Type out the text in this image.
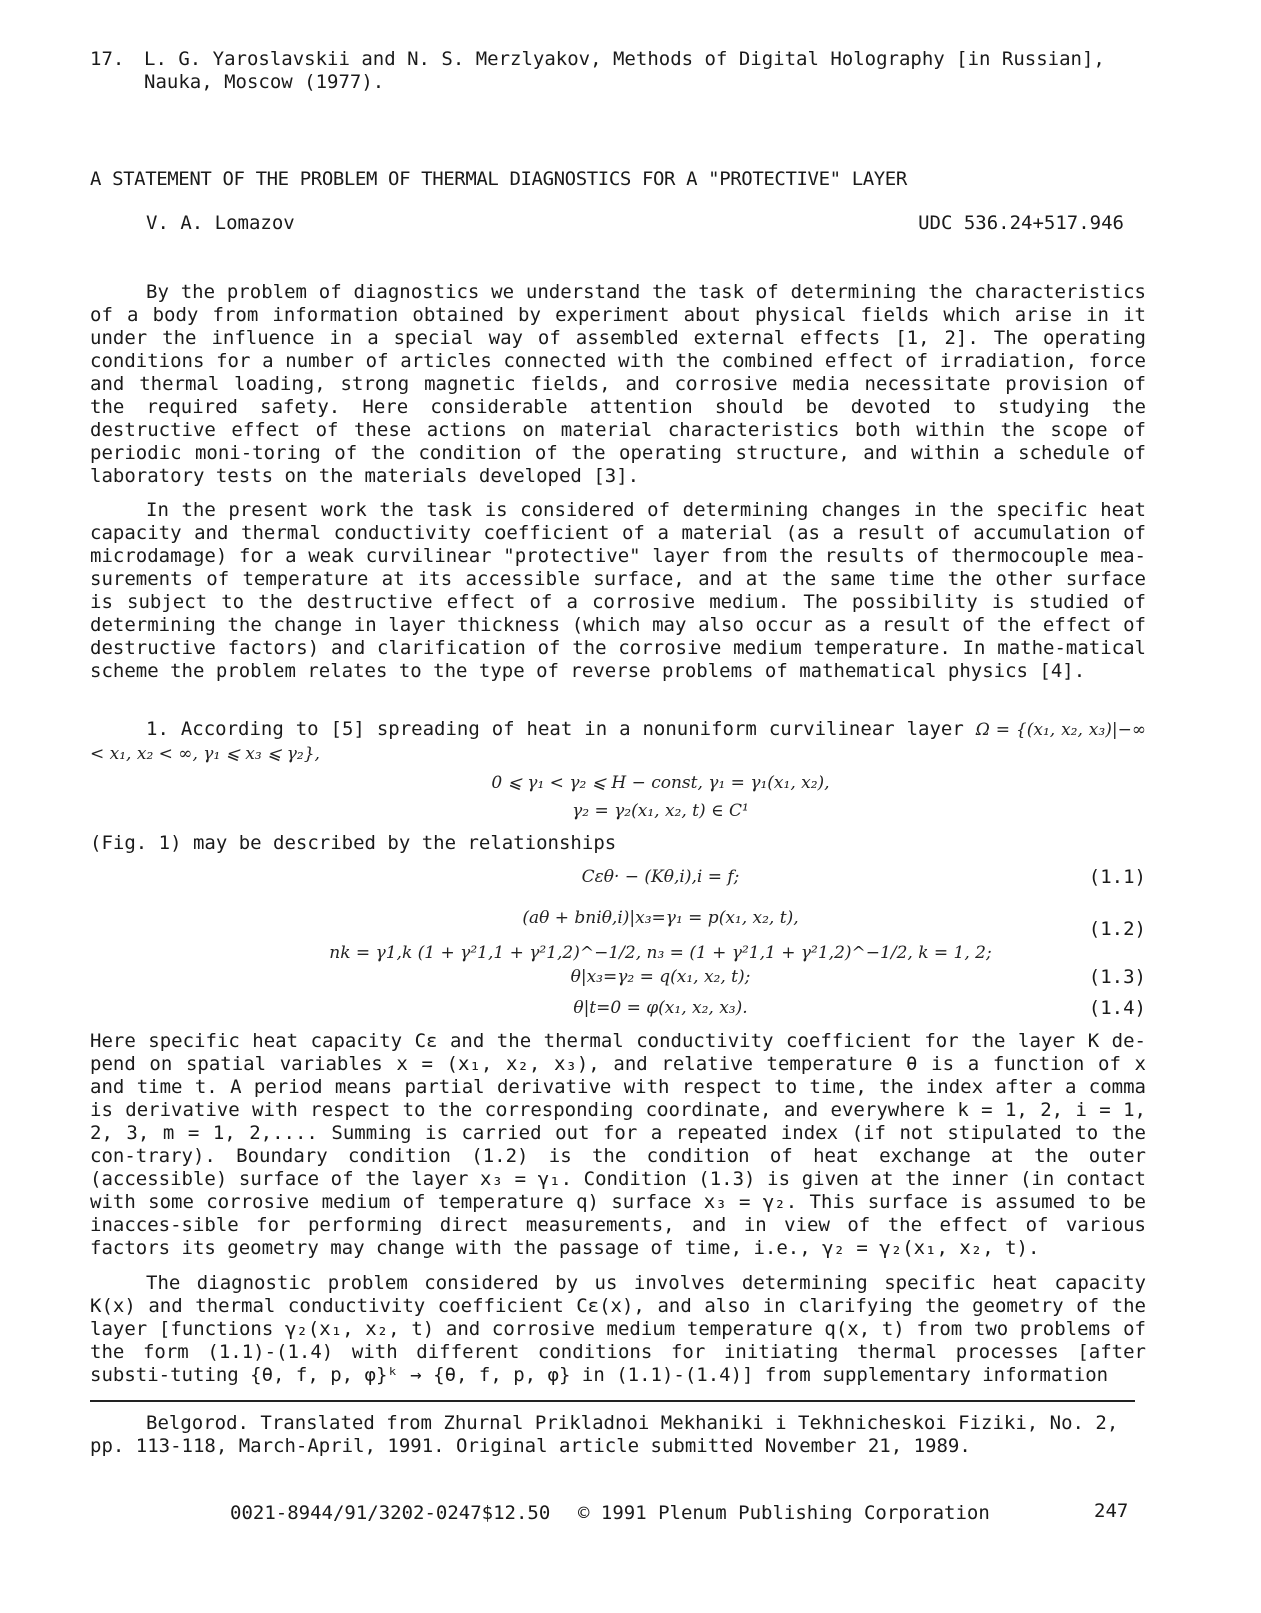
17. L. G. Yaroslavskii and N. S. Merzlyakov, Methods of Digital Holography [in Russian], Nauka, Moscow (1977).
A STATEMENT OF THE PROBLEM OF THERMAL DIAGNOSTICS FOR A "PROTECTIVE" LAYER
V. A. Lomazov	UDC 536.24+517.946
By the problem of diagnostics we understand the task of determining the characteristics of a body from information obtained by experiment about physical fields which arise in it under the influence in a special way of assembled external effects [1, 2]. The operating conditions for a number of articles connected with the combined effect of irradiation, force and thermal loading, strong magnetic fields, and corrosive media necessitate provision of the required safety. Here considerable attention should be devoted to studying the destructive effect of these actions on material characteristics both within the scope of periodic moni-toring of the condition of the operating structure, and within a schedule of laboratory tests on the materials developed [3].
In the present work the task is considered of determining changes in the specific heat capacity and thermal conductivity coefficient of a material (as a result of accumulation of microdamage) for a weak curvilinear "protective" layer from the results of thermocouple mea-surements of temperature at its accessible surface, and at the same time the other surface is subject to the destructive effect of a corrosive medium. The possibility is studied of determining the change in layer thickness (which may also occur as a result of the effect of destructive factors) and clarification of the corrosive medium temperature. In mathe-matical scheme the problem relates to the type of reverse problems of mathematical physics [4].
1. According to [5] spreading of heat in a nonuniform curvilinear layer Ω = {(x₁, x₂, x₃)|−∞ < x₁, x₂ < ∞, γ₁ ⩽ x₃ ⩽ γ₂},
0 ⩽ γ₁ < γ₂ ⩽ H − const, γ₁ = γ₁(x₁, x₂),
γ₂ = γ₂(x₁, x₂, t) ∈ C¹
(Fig. 1) may be described by the relationships
Cεθ· − (Kθ,i),i = f;	(1.1)
(aθ + bniθ,i)|x₃=γ₁ = p(x₁, x₂, t),	(1.2)
nk = γ1,k (1 + γ²1,1 + γ²1,2)^−1/2, n₃ = (1 + γ²1,1 + γ²1,2)^−1/2, k = 1, 2;
θ|x₃=γ₂ = q(x₁, x₂, t);	(1.3)
θ|t=0 = φ(x₁, x₂, x₃).	(1.4)
Here specific heat capacity Cε and the thermal conductivity coefficient for the layer K de-pend on spatial variables x = (x₁, x₂, x₃), and relative temperature θ is a function of x and time t. A period means partial derivative with respect to time, the index after a comma is derivative with respect to the corresponding coordinate, and everywhere k = 1, 2, i = 1, 2, 3, m = 1, 2,.... Summing is carried out for a repeated index (if not stipulated to the con-trary). Boundary condition (1.2) is the condition of heat exchange at the outer (accessible) surface of the layer x₃ = γ₁. Condition (1.3) is given at the inner (in contact with some corrosive medium of temperature q) surface x₃ = γ₂. This surface is assumed to be inacces-sible for performing direct measurements, and in view of the effect of various factors its geometry may change with the passage of time, i.e., γ₂ = γ₂(x₁, x₂, t).
The diagnostic problem considered by us involves determining specific heat capacity K(x) and thermal conductivity coefficient Cε(x), and also in clarifying the geometry of the layer [functions γ₂(x₁, x₂, t) and corrosive medium temperature q(x, t) from two problems of the form (1.1)-(1.4) with different conditions for initiating thermal processes [after substi-tuting {θ, f, p, φ}ᵏ → {θ, f, p, φ} in (1.1)-(1.4)] from supplementary information
Belgorod. Translated from Zhurnal Prikladnoi Mekhaniki i Tekhnicheskoi Fiziki, No. 2, pp. 113-118, March-April, 1991. Original article submitted November 21, 1989.
0021-8944/91/3202-0247$12.50 © 1991 Plenum Publishing Corporation	247
